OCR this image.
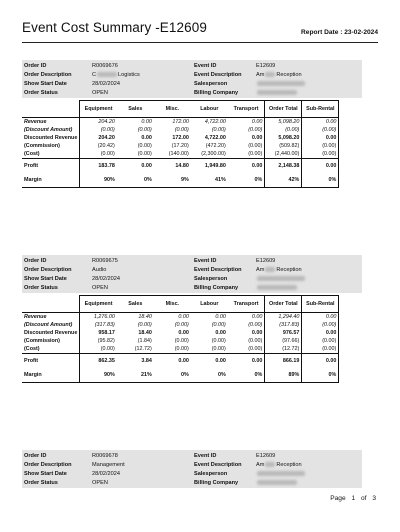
Event Cost Summary -E12609	Report Date : 23-02-2024
Order ID	R0069676
Order Description	C	Logistics
Show Start Date	28/02/2024
Order Status	OPEN
Event ID	E12609
Event Description	Am Reception
Salesperson
Billing Company
	Equipment	Sales	Misc.	Labour	Transport	Order Total	Sub-Rental
Revenue	204.20	0.00	172.00	4,722.00	0.00	5,098.20	0.00
(Discount Amount)	(0.00)	(0.00)	(0.00)	(0.00)	(0.00)	(0.00)	(0.00)
Discounted Revenue	204.20	0.00	172.00	4,722.00	0.00	5,098.20	0.00
(Commission)	(20.42)	(0.00)	(17.20)	(472.20)	(0.00)	(509.82)	(0.00)
(Cost)	(0.00)	(0.00)	(140.00)	(2,300.00)	(0.00)	(2,440.00)	(0.00)
Profit	183.78	0.00	14.80	1,949.80	0.00	2,148.38	0.00
Margin	90%	0%	9%	41%	0%	42%	0%
Order ID	R0069675
Order Description	Audio
Show Start Date	28/02/2024
Order Status	OPEN
Event ID	E12609
Event Description	Am Reception
Salesperson
Billing Company
	Equipment	Sales	Misc.	Labour	Transport	Order Total	Sub-Rental
Revenue	1,276.00	18.40	0.00	0.00	0.00	1,294.40	0.00
(Discount Amount)	(317.83)	(0.00)	(0.00)	(0.00)	(0.00)	(317.83)	(0.00)
Discounted Revenue	958.17	18.40	0.00	0.00	0.00	976.57	0.00
(Commission)	(95.82)	(1.84)	(0.00)	(0.00)	(0.00)	(97.66)	(0.00)
(Cost)	(0.00)	(12.72)	(0.00)	(0.00)	(0.00)	(12.72)	(0.00)
Profit	862.35	3.84	0.00	0.00	0.00	866.19	0.00
Margin	90%	21%	0%	0%	0%	89%	0%
Order ID	R0069678
Order Description	Management
Show Start Date	28/02/2024
Order Status	OPEN
Event ID	E12609
Event Description	Am Reception
Salesperson
Billing Company
Page 1 of 3
